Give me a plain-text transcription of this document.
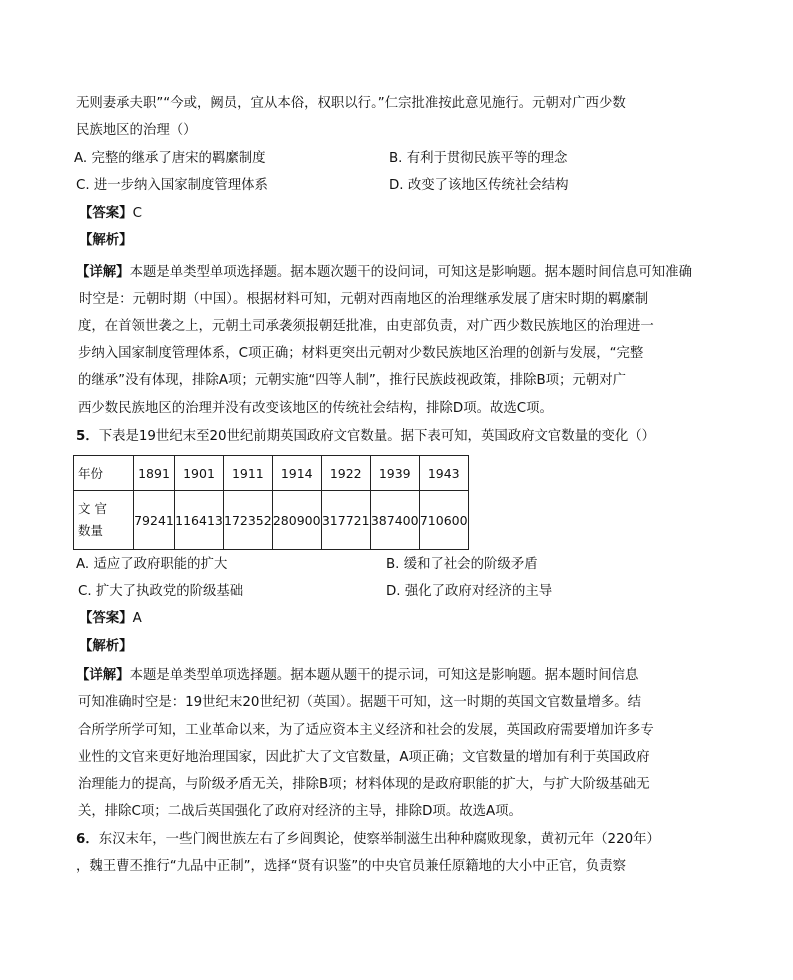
无则妻承夫职”“今或，阙员，宜从本俗，权职以行。”仁宗批准按此意见施行。元朝对广西少数
民族地区的治理（）
A. 完整的继承了唐宋的羁縻制度	B. 有利于贯彻民族平等的理念
C. 进一步纳入国家制度管理体系	D. 改变了该地区传统社会结构
【答案】C
【解析】
【详解】本题是单类型单项选择题。据本题次题干的设问词，可知这是影响题。据本题时间信息可知准确
时空是：元朝时期（中国）。根据材料可知，元朝对西南地区的治理继承发展了唐宋时期的羁縻制
度，在首领世袭之上，元朝土司承袭须报朝廷批准，由吏部负责，对广西少数民族地区的治理进一
步纳入国家制度管理体系，C项正确；材料更突出元朝对少数民族地区治理的创新与发展，“完整
的继承”没有体现，排除A项；元朝实施“四等人制”，推行民族歧视政策，排除B项；元朝对广
西少数民族地区的治理并没有改变该地区的传统社会结构，排除D项。故选C项。
5．下表是19世纪末至20世纪前期英国政府文官数量。据下表可知，英国政府文官数量的变化（）
年份	1891	1901	1911	1914	1922	1939	1943

文 官
数量	79241	116413	172352	280900	317721	387400	710600
A. 适应了政府职能的扩大	B. 缓和了社会的阶级矛盾
C. 扩大了执政党的阶级基础	D. 强化了政府对经济的主导
【答案】A
【解析】
【详解】本题是单类型单项选择题。据本题从题干的提示词，可知这是影响题。据本题时间信息
可知准确时空是：19世纪末20世纪初（英国）。据题干可知，这一时期的英国文官数量增多。结
合所学所学可知，工业革命以来，为了适应资本主义经济和社会的发展，英国政府需要增加许多专
业性的文官来更好地治理国家，因此扩大了文官数量，A项正确；文官数量的增加有利于英国政府
治理能力的提高，与阶级矛盾无关，排除B项；材料体现的是政府职能的扩大，与扩大阶级基础无
关，排除C项；二战后英国强化了政府对经济的主导，排除D项。故选A项。
6．东汉末年，一些门阀世族左右了乡闾舆论，使察举制滋生出种种腐败现象，黄初元年（220年）
，魏王曹丕推行“九品中正制”，选择“贤有识鉴”的中央官员兼任原籍地的大小中正官，负责察
